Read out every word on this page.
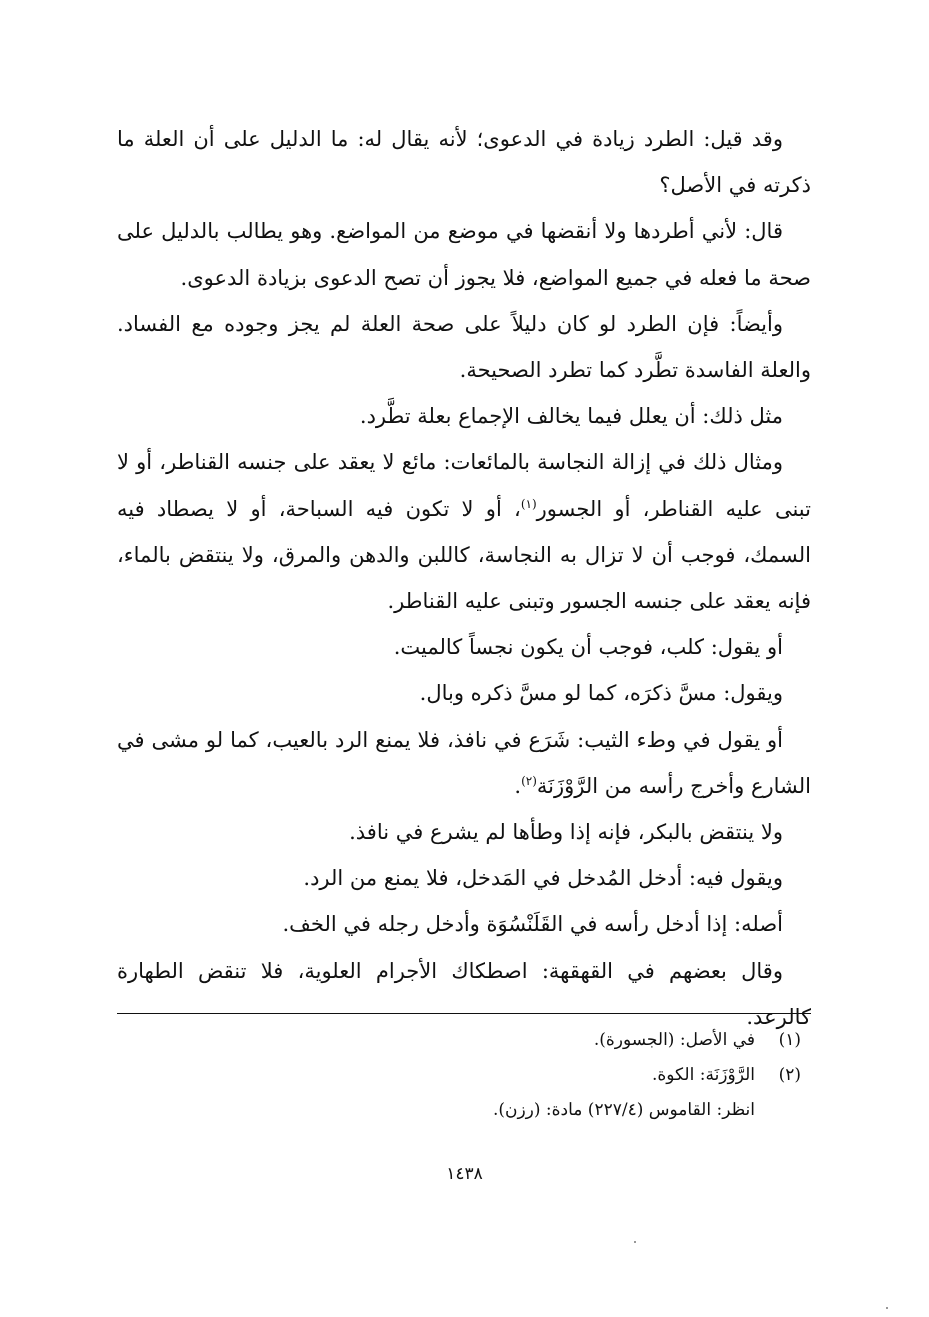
وقد قيل: الطرد زيادة في الدعوى؛ لأنه يقال له: ما الدليل على أن العلة ما ذكرته في الأصل؟

قال: لأني أطردها ولا أنقضها في موضع من المواضع. وهو يطالب بالدليل على صحة ما فعله في جميع المواضع، فلا يجوز أن تصح الدعوى بزيادة الدعوى.

وأيضاً: فإن الطرد لو كان دليلاً على صحة العلة لم يجز وجوده مع الفساد. والعلة الفاسدة تطَّرد كما تطرد الصحيحة.

مثل ذلك: أن يعلل فيما يخالف الإجماع بعلة تطَّرد.

ومثال ذلك في إزالة النجاسة بالمائعات: مائع لا يعقد على جنسه القناطر، أو لا تبنى عليه القناطر، أو الجسور$^{(١)}$، أو لا تكون فيه السباحة، أو لا يصطاد فيه السمك، فوجب أن لا تزال به النجاسة، كاللبن والدهن والمرق، ولا ينتقض بالماء، فإنه يعقد على جنسه الجسور وتبنى عليه القناطر.

أو يقول: كلب، فوجب أن يكون نجساً كالميت.

ويقول: مسَّ ذكرَه، كما لو مسَّ ذكره وبال.

أو يقول في وطء الثيب: شَرَع في نافذ، فلا يمنع الرد بالعيب، كما لو مشى في الشارع وأخرج رأسه من الرَّوْزَنَة$^{(٢)}$.

ولا ينتقض بالبكر، فإنه إذا وطأها لم يشرع في نافذ.

ويقول فيه: أدخل المُدخل في المَدخل، فلا يمنع من الرد.

أصله: إذا أدخل رأسه في القَلَنْسُوَة وأدخل رجله في الخف.

وقال بعضهم في القهقهة: اصطكاك الأجرام العلوية، فلا تنقض الطهارة كالرعد.

(١)في الأصل: (الجسورة).

(٢)الرَّوْزَنَة: الكوة.

انظر: القاموس (٢٢٧/٤) مادة: (رزن).

١٤٣٨
